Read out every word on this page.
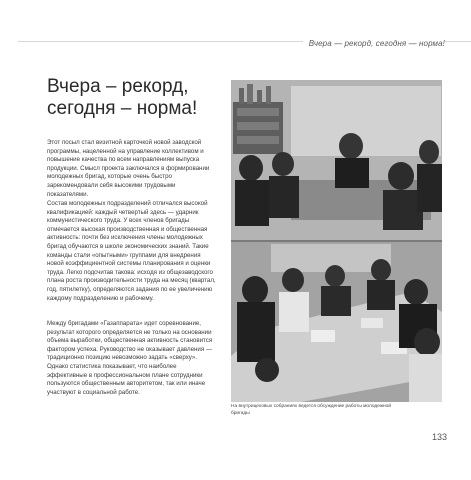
Вчера — рекорд, сегодня — норма!
Вчера – рекорд,
сегодня – норма!

Этот посыл стал визитной карточкой новой заводской программы, нацеленной на управление коллективом и повышение качества по всем направлениям выпуска продукции. Смысл проекта заключался в формировании молодежных бригад, которые очень быстро зарекомендовали себя высокими трудовыми показателями.

Состав молодежных подразделений отличался высокой квалификацией: каждый четвертый здесь — ударник коммунистического труда. У всех членов бригады отмечается высокая производственная и общественная активность: почти без исключения члены молодежных бригад обучаются в школе экономических знаний. Такие команды стали «опытными» группами для внедрения новой коэффициентной системы планирования и оценки труда. Легко подсчитав такова: исходя из общезаводского плана роста производительности труда на месяц (квартал, год, пятилетку), определяются задания по ее увеличению каждому подразделению и рабочему.

Между бригадами «Газаппарата» идет соревнование, результат которого определяется не только на основании объема выработки, общественная активность становится фактором успеха. Руководство не оказывает давления — традиционно позицию невозможно задать «сверху». Однако статистика показывает, что наиболее эффективные в профессиональном плане сотрудники пользуются общественным авторитетом, так или иначе участвуют в социальной работе.

На внутрицеховых собраниях ведется обсуждение работы молодежной бригады
133
